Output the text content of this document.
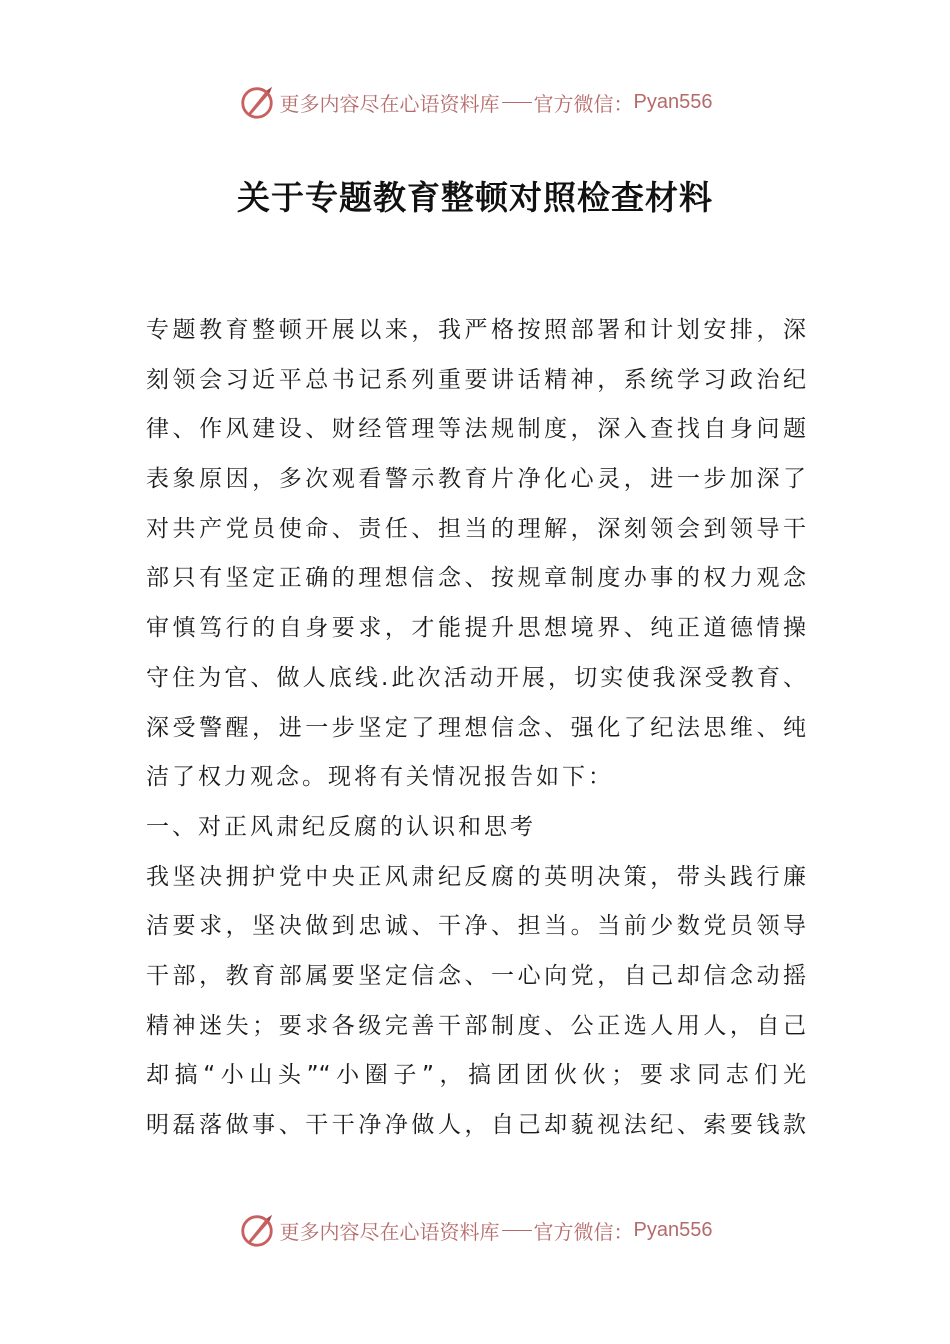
更多内容尽在心语资料库 官方微信： Pyan556
关于专题教育整顿对照检查材料
专题教育整顿开展以来，我严格按照部署和计划安排，深
刻领会习近平总书记系列重要讲话精神，系统学习政治纪
律、作风建设、财经管理等法规制度，深入查找自身问题
表象原因，多次观看警示教育片净化心灵，进一步加深了
对共产党员使命、责任、担当的理解，深刻领会到领导干
部只有坚定正确的理想信念、按规章制度办事的权力观念
审慎笃行的自身要求，才能提升思想境界、纯正道德情操
守住为官、做人底线.此次活动开展，切实使我深受教育、
深受警醒，进一步坚定了理想信念、强化了纪法思维、纯
洁了权力观念。现将有关情况报告如下：
一、对正风肃纪反腐的认识和思考
我坚决拥护党中央正风肃纪反腐的英明决策，带头践行廉
洁要求，坚决做到忠诚、干净、担当。当前少数党员领导
干部，教育部属要坚定信念、一心向党，自己却信念动摇
精神迷失；要求各级完善干部制度、公正选人用人，自己
却搞“小山头”“小圈子”，搞团团伙伙；要求同志们光
明磊落做事、干干净净做人，自己却藐视法纪、索要钱款
更多内容尽在心语资料库 官方微信： Pyan556
